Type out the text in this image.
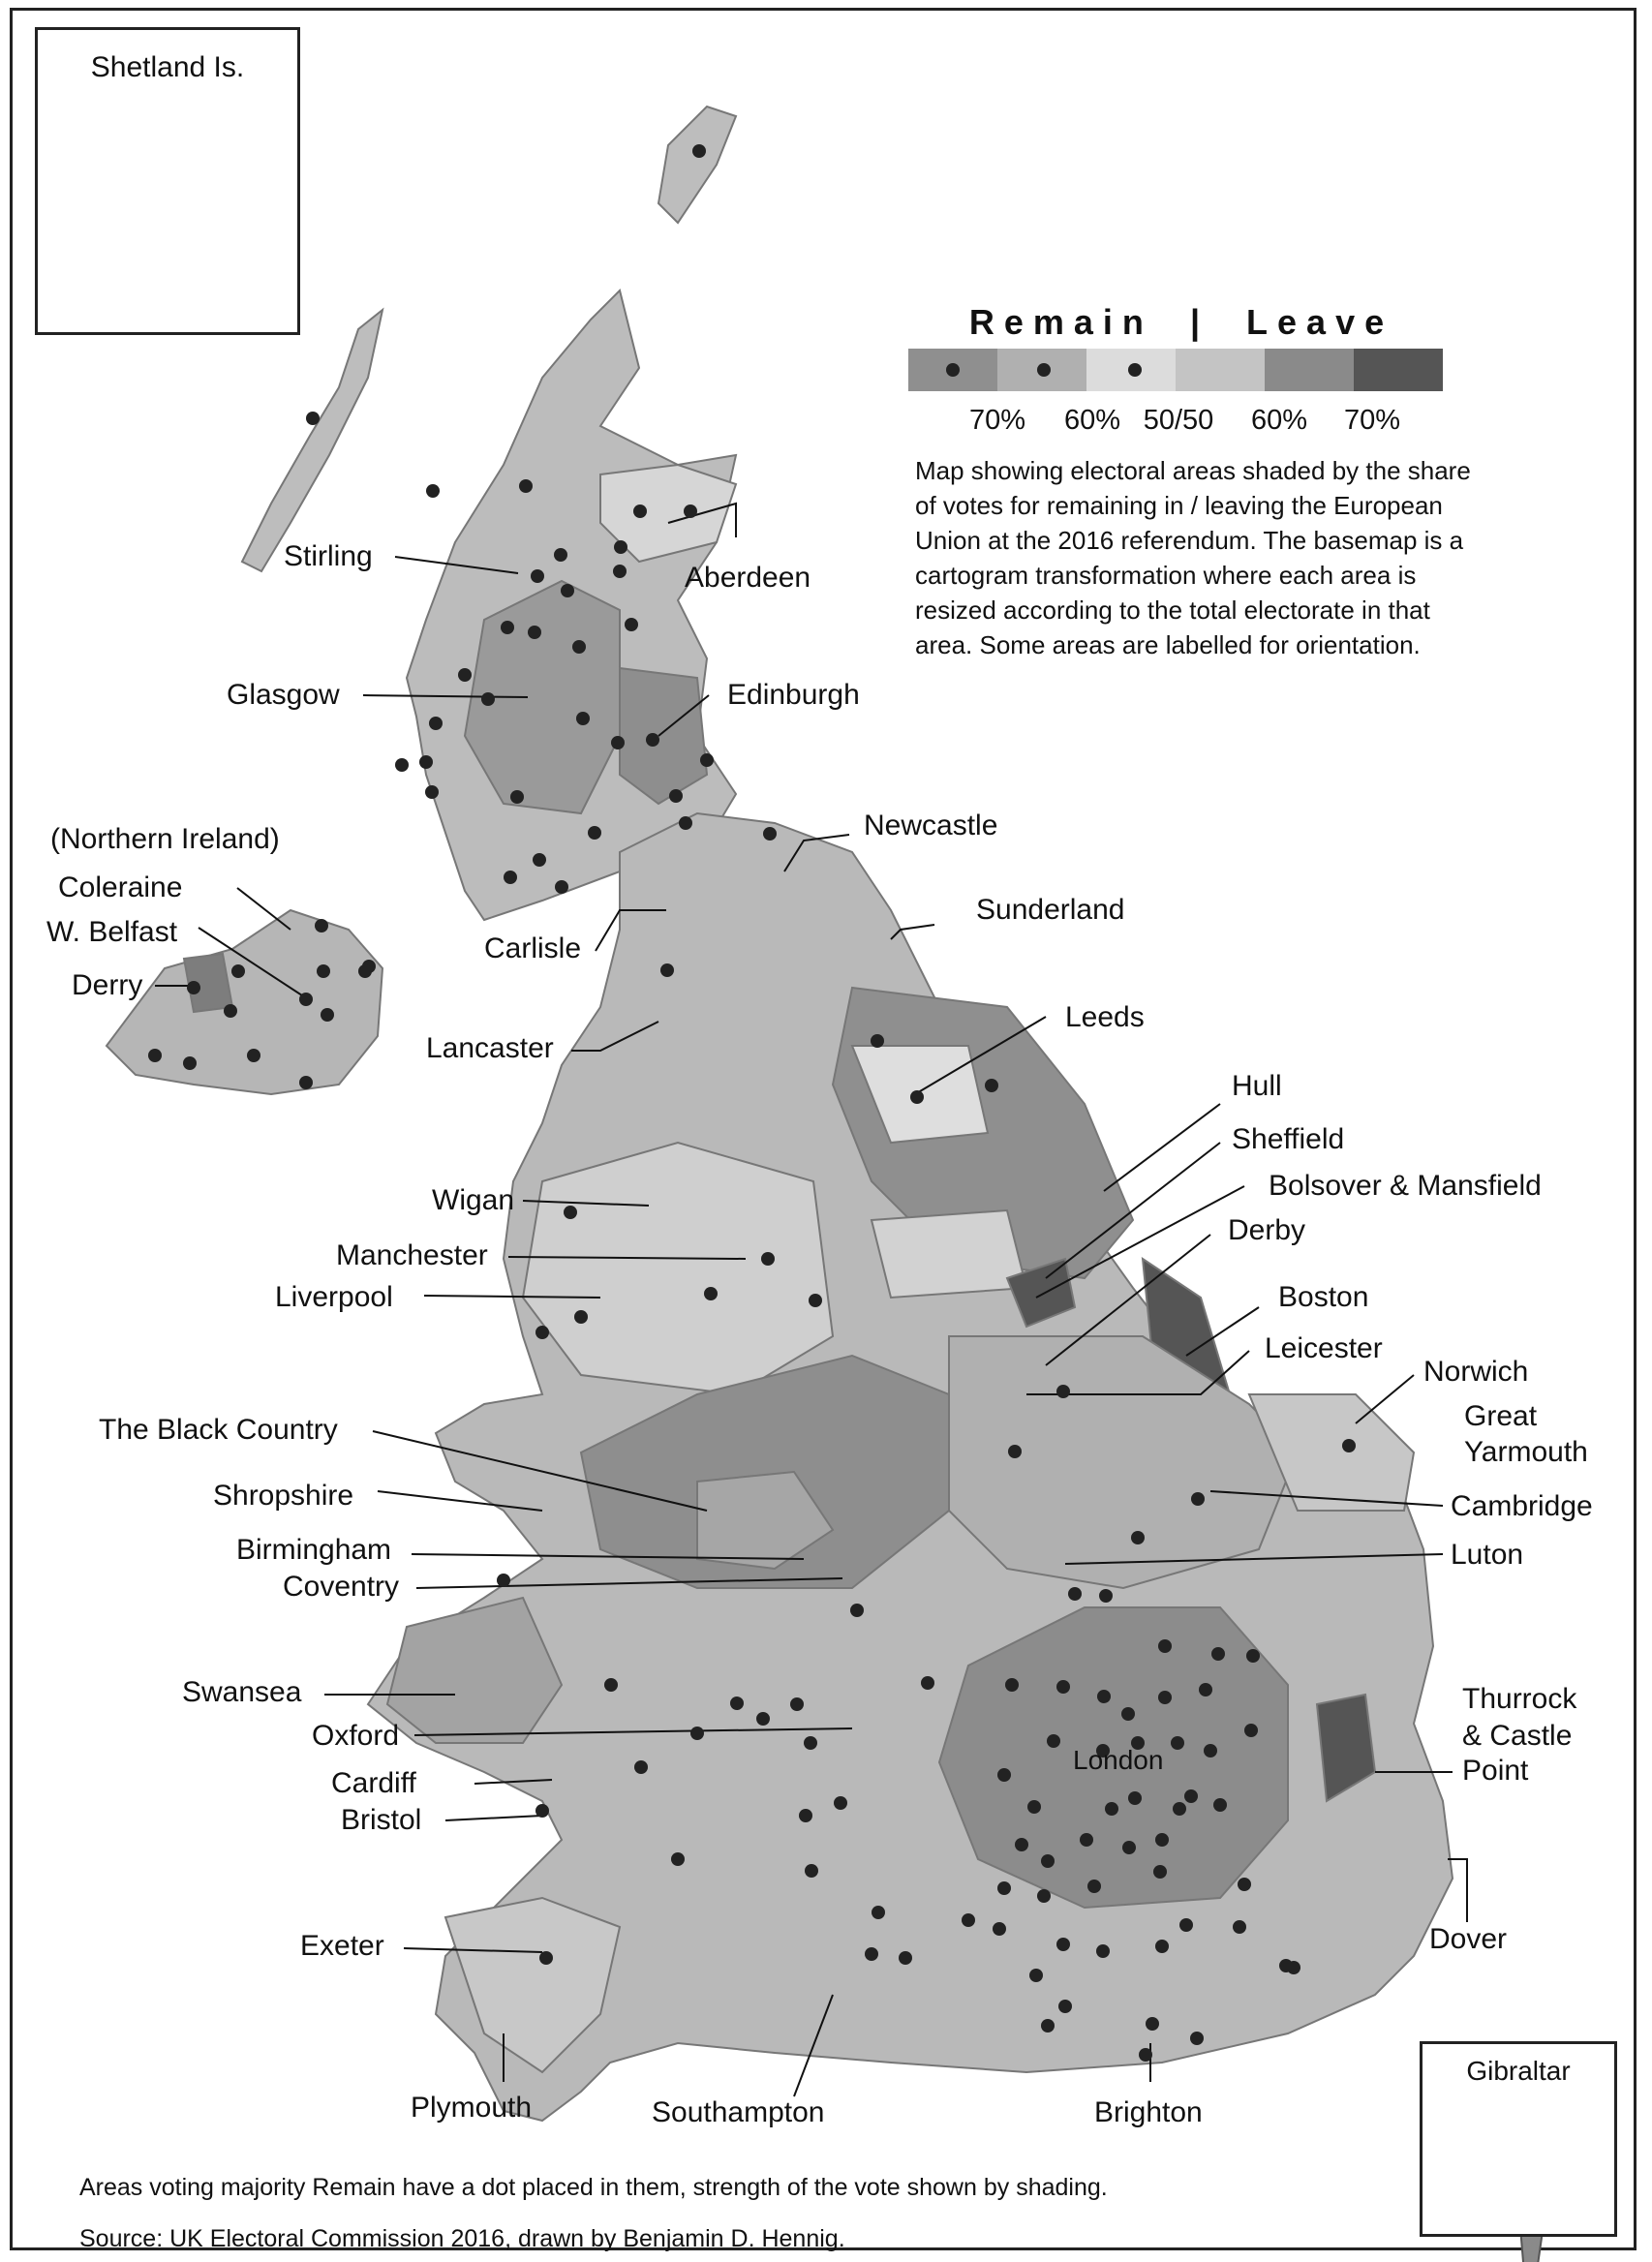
Shetland Is.
Gibraltar
Remain | Leave
70%	60% 50/50	60%	70%
Map showing electoral areas shaded by the share of votes for remaining in / leaving the European Union at the 2016 referendum. The basemap is a cartogram transformation where each area is resized according to the total electorate in that area. Some areas are labelled for orientation.
Stirling
Aberdeen
Glasgow	Edinburgh
(Northern Ireland)	Newcastle
Coleraine
W. Belfast
Derry
Sunderland
Carlisle
Lancaster
Leeds
Hull
Sheffield
Bolsover & Mansfield
Wigan
Derby
Manchester
Liverpool	Boston
Leicester
Norwich
Great
Yarmouth
The Black Country
Cambridge
Shropshire
Birmingham	Luton
Coventry
Swansea	Thurrock
& Castle
Point
Oxford
London
Cardiff
Bristol
Exeter	Dover
Plymouth	Southampton	Brighton
Areas voting majority Remain have a dot placed in them, strength of the vote shown by shading.
Source: UK Electoral Commission 2016, drawn by Benjamin D. Hennig.
